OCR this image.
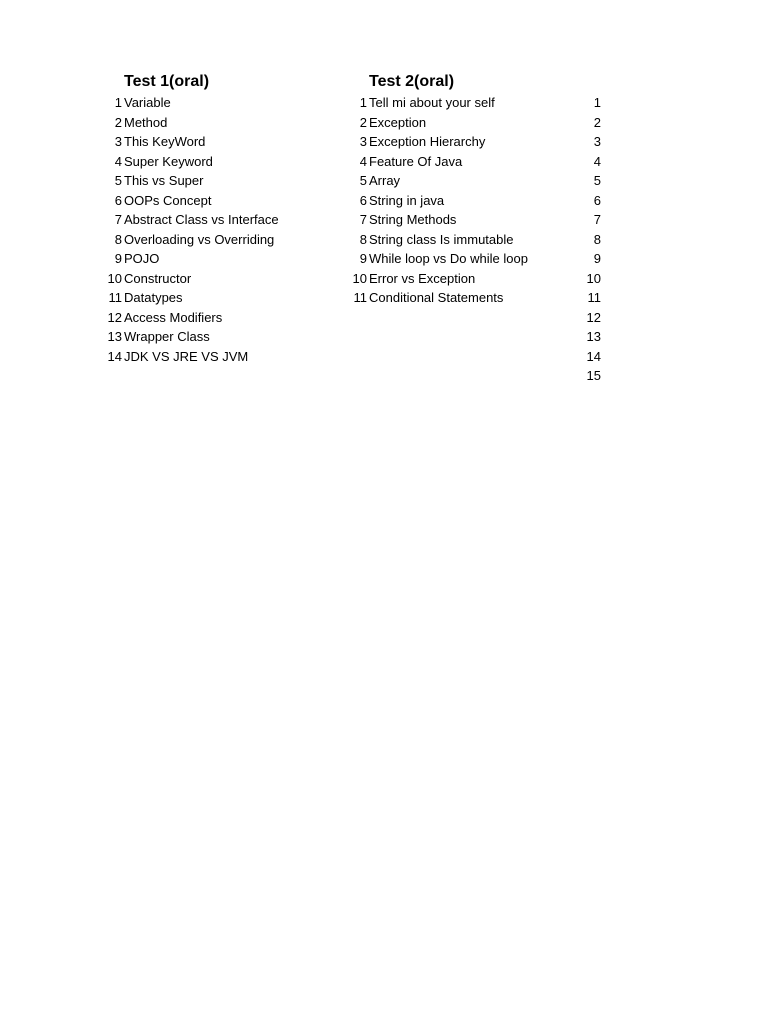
Test 1(oral)	Test 2(oral)
1 Variable
2 Method
3 This KeyWord
4 Super Keyword
5 This vs Super
6 OOPs Concept
7 Abstract Class vs Interface
8 Overloading vs Overriding
9 POJO
10 Constructor
11 Datatypes
12 Access Modifiers
13 Wrapper Class
14 JDK VS JRE VS JVM
1 Tell mi about your self
2 Exception
3 Exception Hierarchy
4 Feature Of Java
5 Array
6 String in java
7 String Methods
8 String class Is immutable
9 While loop vs Do while loop
10 Error vs Exception
11 Conditional Statements
1
2
3
4
5
6
7
8
9
10
11
12
13
14
15
